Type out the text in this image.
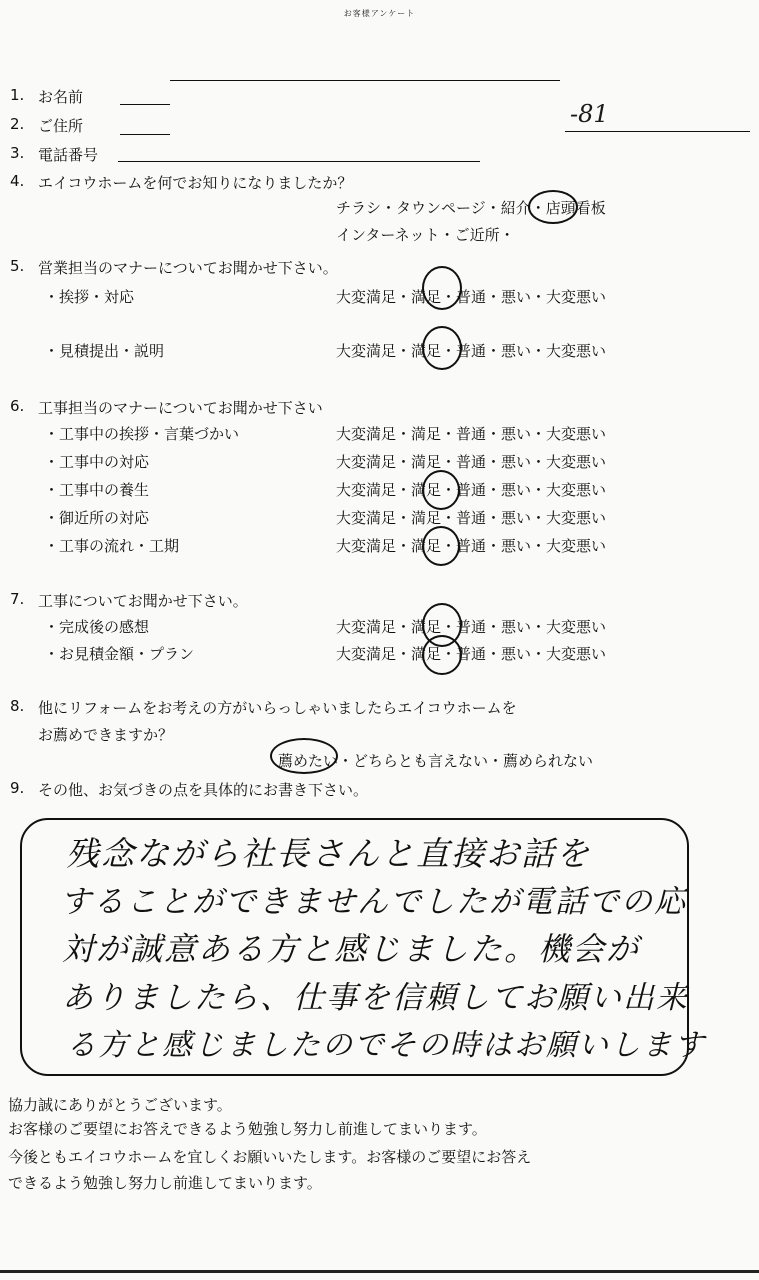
お客様アンケート
1. お名前
2. ご住所	-81
3. 電話番号
4. エイコウホームを何でお知りになりましたか？
チラシ・タウンページ・紹介・店頭看板
インターネット・ご近所・
5. 営業担当のマナーについてお聞かせ下さい。
・挨拶・対応	大変満足・満足・普通・悪い・大変悪い
・見積提出・説明	大変満足・満足・普通・悪い・大変悪い
6. 工事担当のマナーについてお聞かせ下さい
・工事中の挨拶・言葉づかい	大変満足・満足・普通・悪い・大変悪い
・工事中の対応	大変満足・満足・普通・悪い・大変悪い
・工事中の養生	大変満足・満足・普通・悪い・大変悪い
・御近所の対応	大変満足・満足・普通・悪い・大変悪い
・工事の流れ・工期	大変満足・満足・普通・悪い・大変悪い
7. 工事についてお聞かせ下さい。
・完成後の感想	大変満足・満足・普通・悪い・大変悪い
・お見積金額・プラン	大変満足・満足・普通・悪い・大変悪い
8. 他にリフォームをお考えの方がいらっしゃいましたらエイコウホームを
お薦めできますか？
薦めたい・どちらとも言えない・薦められない
9. その他、お気づきの点を具体的にお書き下さい。
残念ながら社長さんと直接お話を
することができませんでしたが電話での応
対が誠意ある方と感じました。機会が
ありましたら、仕事を信頼してお願い出来
る方と感じましたのでその時はお願いします
協力誠にありがとうございます。
お客様のご要望にお答えできるよう勉強し努力し前進してまいります。
今後ともエイコウホームを宜しくお願いいたします。お客様のご要望にお答え
できるよう勉強し努力し前進してまいります。
